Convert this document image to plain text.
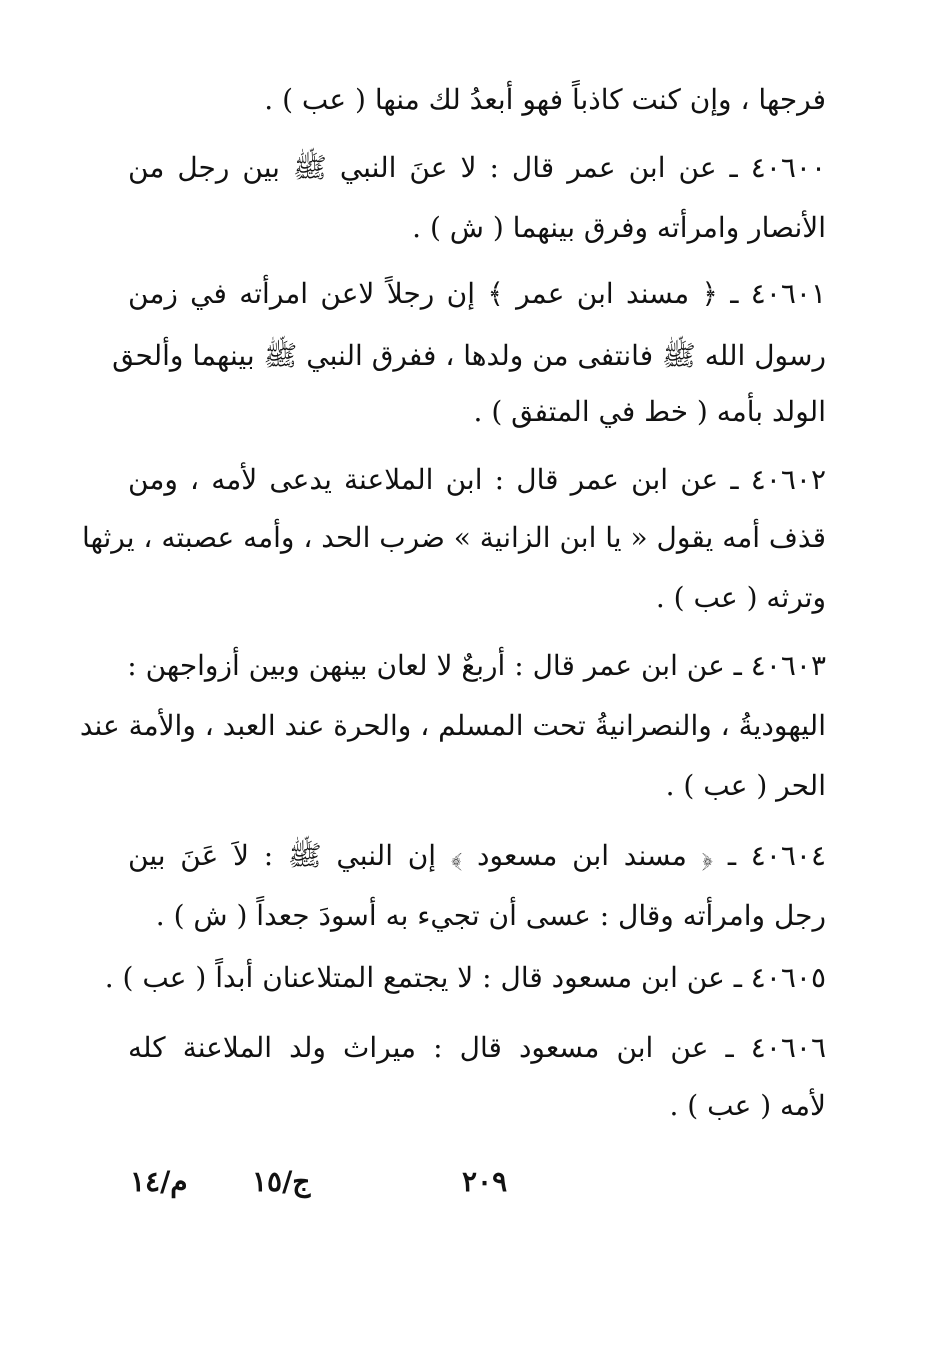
فرجها ، وإن كنت كاذباً فهو أبعدُ لك منها ( عب ) .
٤٠٦٠٠ ـ عن ابن عمر قال : لا عنَ النبي ﷺ بين رجل من
الأنصار وامرأته وفرق بينهما ( ش ) .
٤٠٦٠١ ـ ﴿ مسند ابن عمر ﴾ إن رجلاً لاعن امرأته في زمن
رسول الله ﷺ فانتفى من ولدها ، ففرق النبي ﷺ بينهما وألحق
الولد بأمه ( خط في المتفق ) .
٤٠٦٠٢ ـ عن ابن عمر قال : ابن الملاعنة يدعى لأمه ، ومن
قذف أمه يقول « يا ابن الزانية » ضرب الحد ، وأمه عصبته ، يرثها
وترثه ( عب ) .
٤٠٦٠٣ ـ عن ابن عمر قال : أربعٌ لا لعان بينهن وبين أزواجهن :
اليهوديةُ ، والنصرانيةُ تحت المسلم ، والحرة عند العبد ، والأمة عند
الحر ( عب ) .
٤٠٦٠٤ ـ ﴿ مسند ابن مسعود ﴾ إن النبي ﷺ : لاَ عَنَ بين
رجل وامرأته وقال : عسى أن تجيء به أسودَ جعداً ( ش ) .
٤٠٦٠٥ ـ عن ابن مسعود قال : لا يجتمع المتلاعنان أبداً ( عب ) .
٤٠٦٠٦ ـ عن ابن مسعود قال : ميراث ولد الملاعنة كله
لأمه ( عب ) .
٢٠٩
ج/١٥
م/١٤
